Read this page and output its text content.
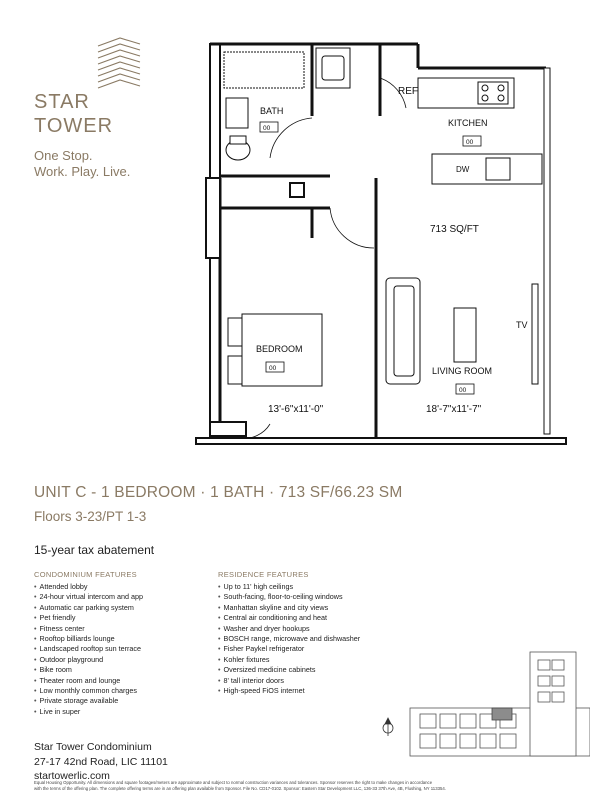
STAR
TOWER
One Stop.
Work. Play. Live.
REF
BATH
00
KITCHEN
00
DW
713 SQ/FT
TV
BEDROOM
00
13'-6"x11'-0"
LIVING ROOM
00
18'-7"x11'-7"
UNIT C - 1 BEDROOM · 1 BATH · 713 SF/66.23 SM
Floors 3-23/PT 1-3
15-year tax abatement
CONDOMINIUM FEATURES
• Attended lobby
• 24-hour virtual intercom and app
• Automatic car parking system
• Pet friendly
• Fitness center
• Rooftop billiards lounge
• Landscaped rooftop sun terrace
• Outdoor playground
• Bike room
• Theater room and lounge
• Low monthly common charges
• Private storage available
• Live in super
RESIDENCE FEATURES
• Up to 11' high ceilings
• South-facing, floor-to-ceiling windows
• Manhattan skyline and city views
• Central air conditioning and heat
• Washer and dryer hookups
• BOSCH range, microwave and dishwasher
• Fisher Paykel refrigerator
• Kohler fixtures
• Oversized medicine cabinets
• 8' tall interior doors
• High-speed FiOS internet
Star Tower Condominium
27-17 42nd Road, LIC 11101
startowerlic.com
Equal Housing Opportunity. All dimensions and square footages/meters are approximate and subject to normal construction variances and tolerances. Sponsor reserves the right to make changes in accordance
with the terms of the offering plan. The complete offering terms are in an offering plan available from Sponsor. File No. CD17-0102. Sponsor: Eastern Star Development LLC, 136-33 37th Ave, 4B, Flushing, NY 113354.
